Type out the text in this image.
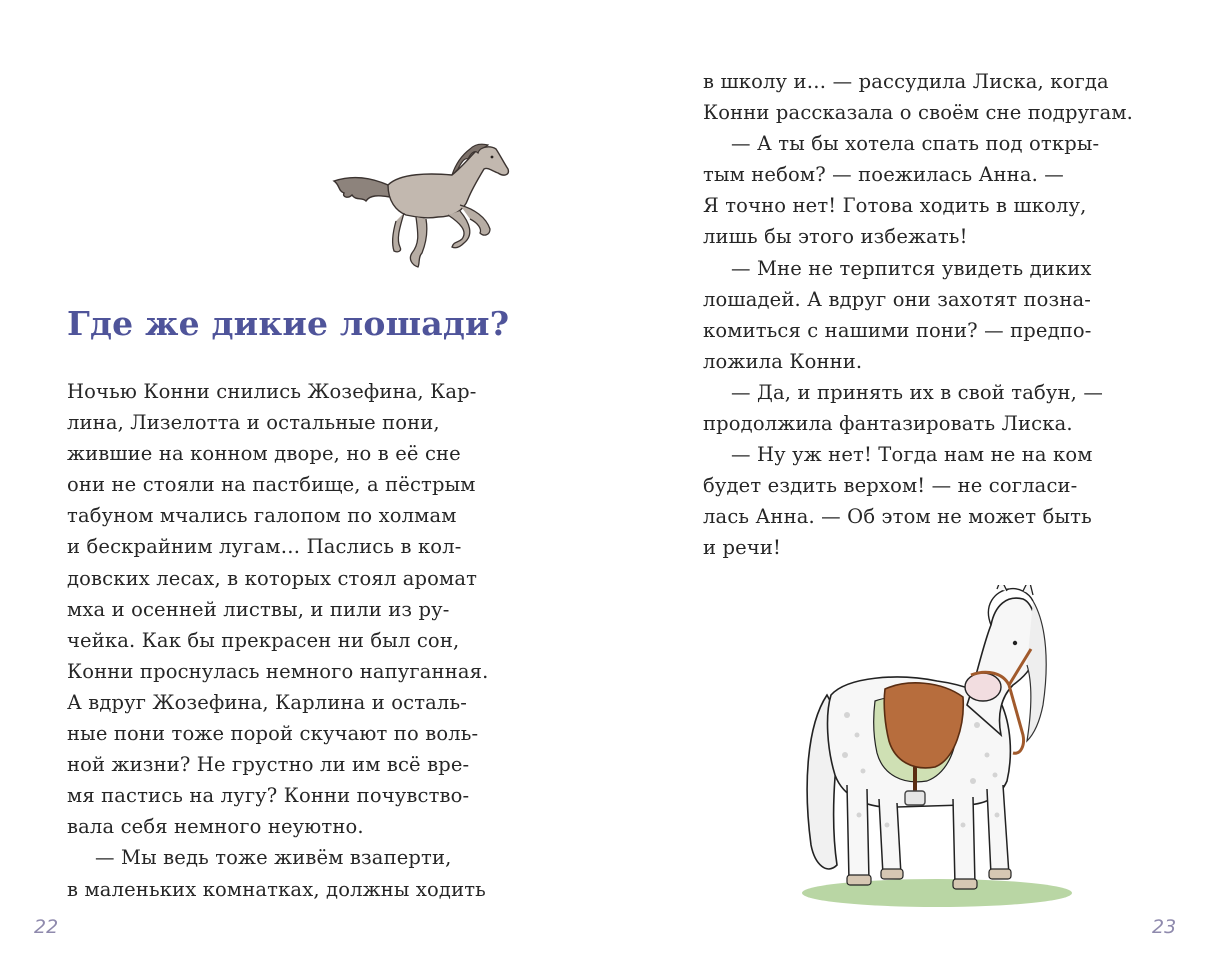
Где же дикие лошади?
Ночью Конни снились Жозефина, Кар-
лина, Лизелотта и остальные пони,
жившие на конном дворе, но в её сне
они не стояли на пастбище, а пёстрым
табуном мчались галопом по холмам
и бескрайним лугам… Паслись в кол-
довских лесах, в которых стоял аромат
мха и осенней листвы, и пили из ру-
чейка. Как бы прекрасен ни был сон,
Конни проснулась немного напуганная.
А вдруг Жозефина, Карлина и осталь-
ные пони тоже порой скучают по воль-
ной жизни? Не грустно ли им всё вре-
мя пастись на лугу? Конни почувство-
вала себя немного неуютно.
— Мы ведь тоже живём взаперти,
в маленьких комнатках, должны ходить
22
в школу и… — рассудила Лиска, когда
Конни рассказала о своём сне подругам.
— А ты бы хотела спать под откры-
тым небом? — поежилась Анна. —
Я точно нет! Готова ходить в школу,
лишь бы этого избежать!
— Мне не терпится увидеть диких
лошадей. А вдруг они захотят позна-
комиться с нашими пони? — предпо-
ложила Конни.
— Да, и принять их в свой табун, —
продолжила фантазировать Лиска.
— Ну уж нет! Тогда нам не на ком
будет ездить верхом! — не согласи-
лась Анна. — Об этом не может быть
и речи!
23
